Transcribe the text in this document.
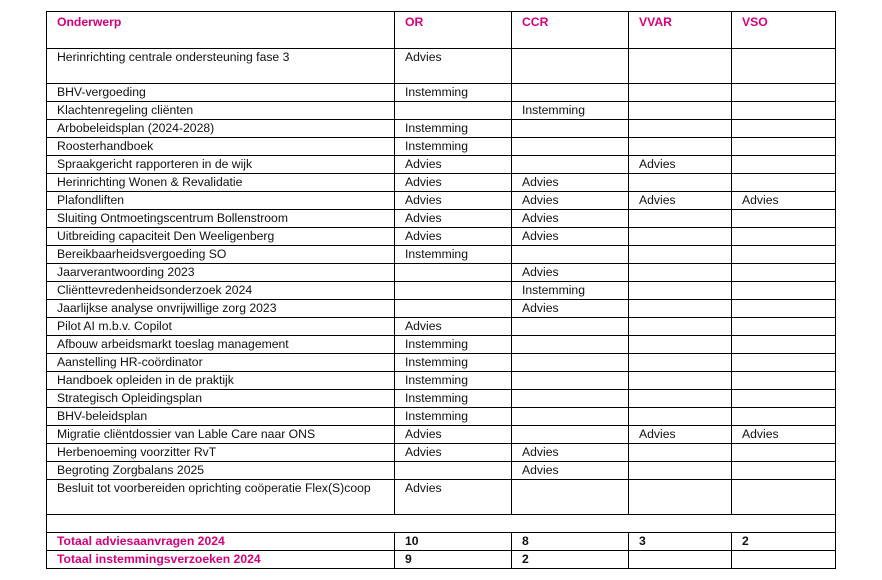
Onderwerp	OR	CCR	VVAR	VSO
Herinrichting centrale ondersteuning fase 3	Advies			
BHV-vergoeding	Instemming			
Klachtenregeling cliënten		Instemming		
Arbobeleidsplan (2024-2028)	Instemming			
Roosterhandboek	Instemming			
Spraakgericht rapporteren in de wijk	Advies		Advies	
Herinrichting Wonen & Revalidatie	Advies	Advies		
Plafondliften	Advies	Advies	Advies	Advies
Sluiting Ontmoetingscentrum Bollenstroom	Advies	Advies		
Uitbreiding capaciteit Den Weeligenberg	Advies	Advies		
Bereikbaarheidsvergoeding SO	Instemming			
Jaarverantwoording 2023		Advies		
Cliënttevredenheidsonderzoek 2024		Instemming		
Jaarlijkse analyse onvrijwillige zorg 2023		Advies		
Pilot AI m.b.v. Copilot	Advies			
Afbouw arbeidsmarkt toeslag management	Instemming			
Aanstelling HR-coördinator	Instemming			
Handboek opleiden in de praktijk	Instemming			
Strategisch Opleidingsplan	Instemming			
BHV-beleidsplan	Instemming			
Migratie cliëntdossier van Lable Care naar ONS	Advies		Advies	Advies
Herbenoeming voorzitter RvT	Advies	Advies		
Begroting Zorgbalans 2025		Advies		
Besluit tot voorbereiden oprichting coöperatie Flex(S)coop	Advies			

Totaal adviesaanvragen 2024	10	8	3	2
Totaal instemmingsverzoeken 2024	9	2		
